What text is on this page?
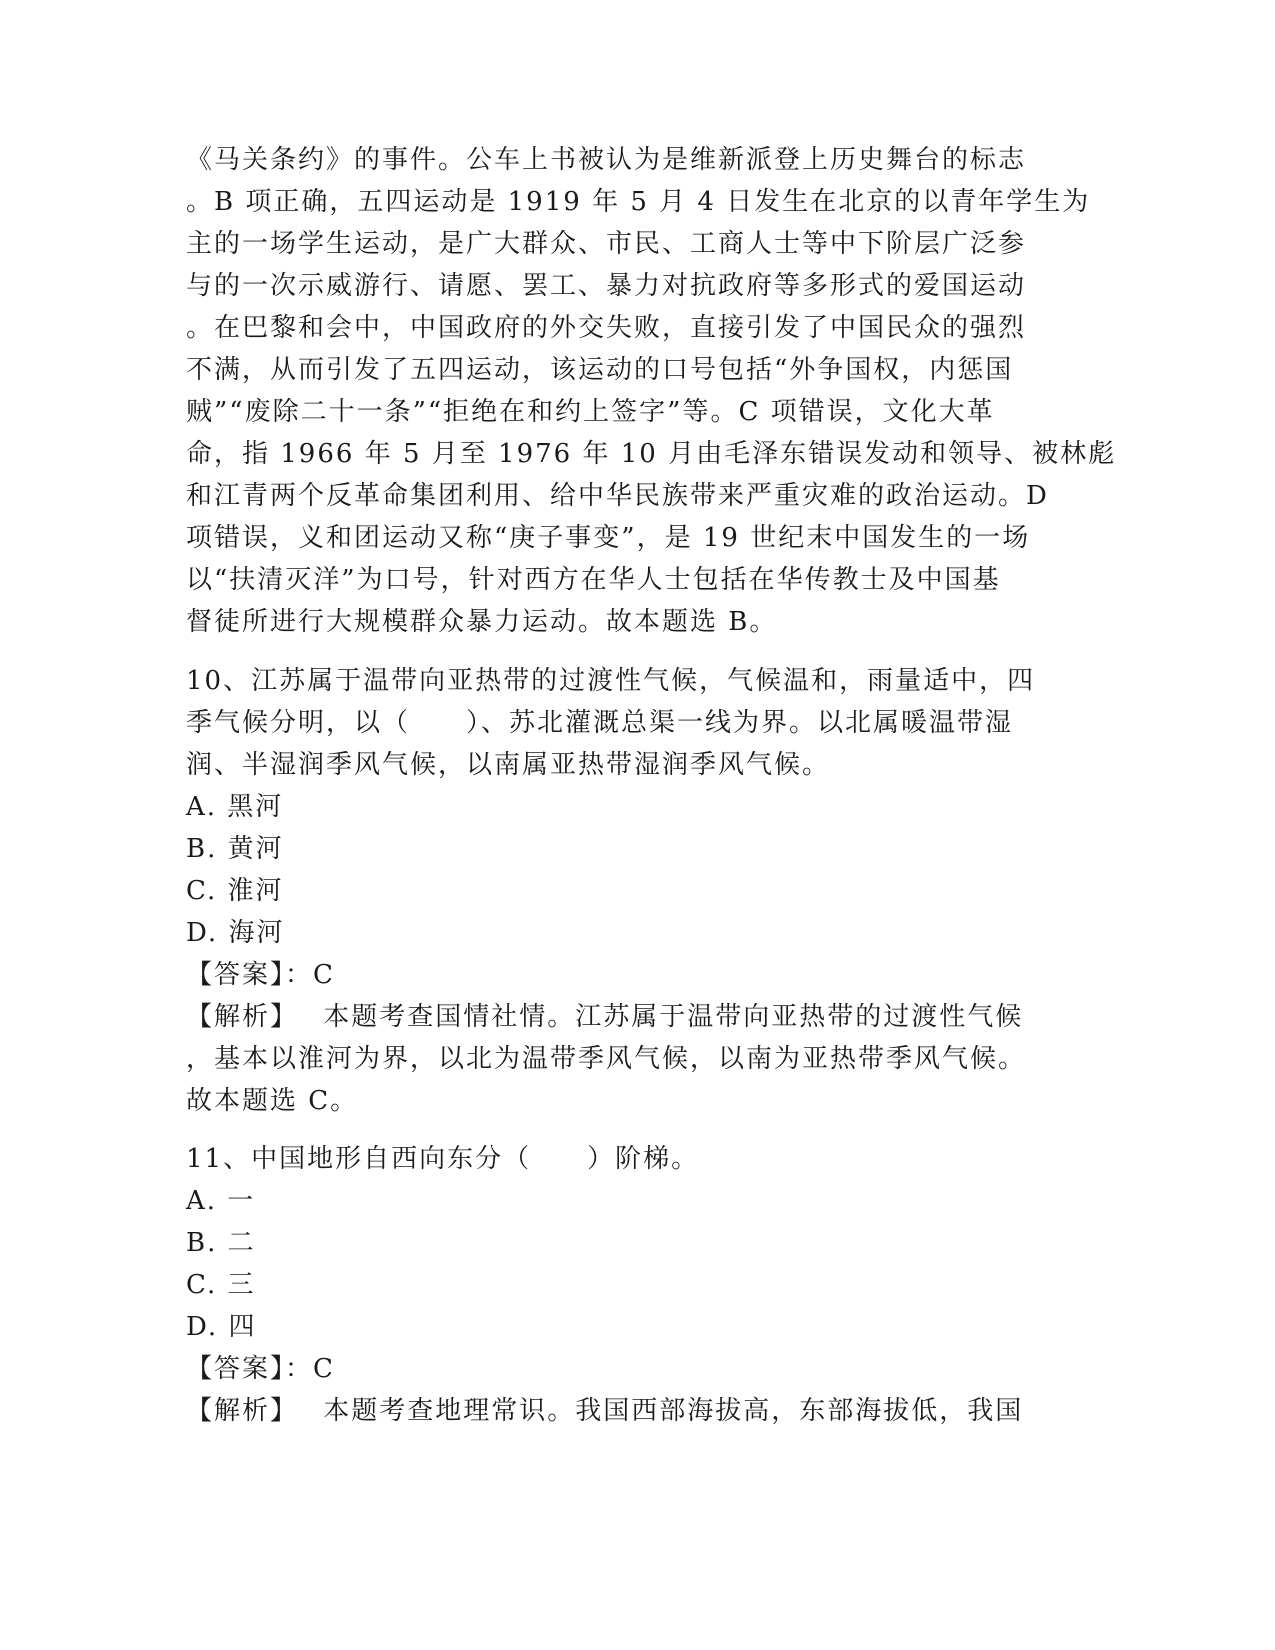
《马关条约》的事件。公车上书被认为是维新派登上历史舞台的标志
。B 项正确，五四运动是 1919 年 5 月 4 日发生在北京的以青年学生为
主的一场学生运动，是广大群众、市民、工商人士等中下阶层广泛参
与的一次示威游行、请愿、罢工、暴力对抗政府等多形式的爱国运动
。在巴黎和会中，中国政府的外交失败，直接引发了中国民众的强烈
不满，从而引发了五四运动，该运动的口号包括“外争国权，内惩国
贼”“废除二十一条”“拒绝在和约上签字”等。C 项错误，文化大革
命，指 1966 年 5 月至 1976 年 10 月由毛泽东错误发动和领导、被林彪
和江青两个反革命集团利用、给中华民族带来严重灾难的政治运动。D
项错误，义和团运动又称“庚子事变”，是 19 世纪末中国发生的一场
以“扶清灭洋”为口号，针对西方在华人士包括在华传教士及中国基
督徒所进行大规模群众暴力运动。故本题选 B。
10、江苏属于温带向亚热带的过渡性气候，气候温和，雨量适中，四
季气候分明，以（　　）、苏北灌溉总渠一线为界。以北属暖温带湿
润、半湿润季风气候，以南属亚热带湿润季风气候。
A. 黑河
B. 黄河
C. 淮河
D. 海河
【答案】：C
【解析】　 本题考查国情社情。江苏属于温带向亚热带的过渡性气候
，基本以淮河为界，以北为温带季风气候，以南为亚热带季风气候。
故本题选 C。
11、中国地形自西向东分（　　）阶梯。
A. 一
B. 二
C. 三
D. 四
【答案】：C
【解析】　 本题考查地理常识。我国西部海拔高，东部海拔低，我国
